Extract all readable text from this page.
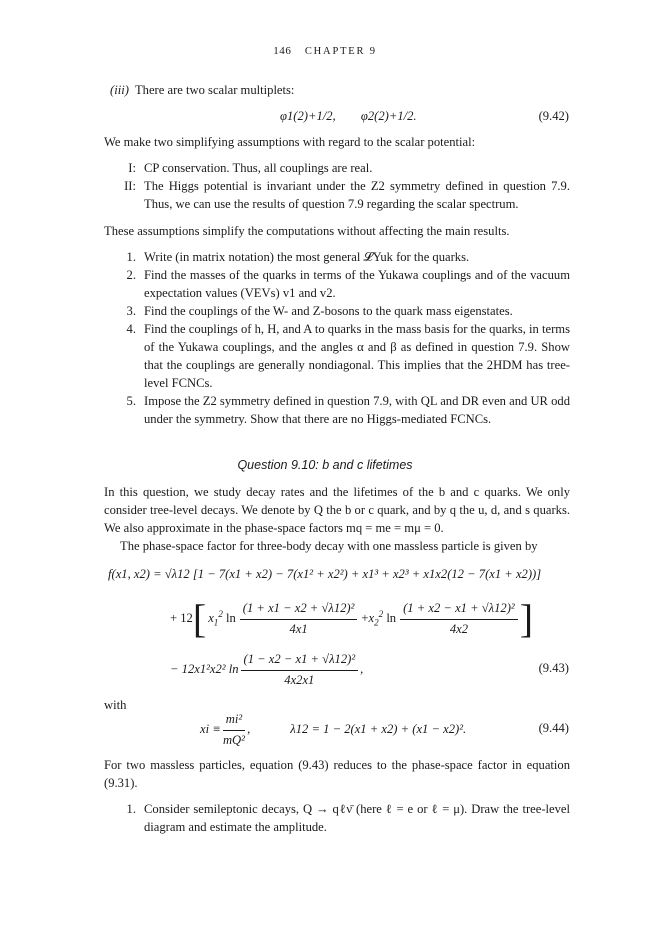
146 CHAPTER 9
(iii) There are two scalar multiplets:
φ1(2)+1/2,        φ2(2)+1/2.	(9.42)
We make two simplifying assumptions with regard to the scalar potential:
I: CP conservation. Thus, all couplings are real.
II: The Higgs potential is invariant under the Z2 symmetry defined in question 7.9. Thus, we can use the results of question 7.9 regarding the scalar spectrum.
These assumptions simplify the computations without affecting the main results.
1. Write (in matrix notation) the most general 𝓛Yuk for the quarks.
2. Find the masses of the quarks in terms of the Yukawa couplings and of the vacuum expectation values (VEVs) v1 and v2.
3. Find the couplings of the W- and Z-bosons to the quark mass eigenstates.
4. Find the couplings of h, H, and A to quarks in the mass basis for the quarks, in terms of the Yukawa couplings, and the angles α and β as defined in question 7.9. Show that the couplings are generally nondiagonal. This implies that the 2HDM has tree-level FCNCs.
5. Impose the Z2 symmetry defined in question 7.9, with QL and DR even and UR odd under the symmetry. Show that there are no Higgs-mediated FCNCs.
Question 9.10: b and c lifetimes
In this question, we study decay rates and the lifetimes of the b and c quarks. We only consider tree-level decays. We denote by Q the b or c quark, and by q the u, d, and s quarks. We also approximate in the phase-space factors mq = me = mμ = 0.
The phase-space factor for three-body decay with one massless particle is given by
f(x1, x2) = √λ12 [1 − 7(x1 + x2) − 7(x1² + x2²) + x1³ + x2³ + x1x2(12 − 7(x1 + x2))]
+ 12 [ $x_1^2$ $\ln \frac{\text{(1 + x1 − x2 + √λ12)²}}{4x1} +x_2^2$ $\ln \frac{\text{(1 + x2 − x1 + √λ12)²}}{4x2}$ ]
− 12x1²x2² $\ln \frac{\text{(1 − x2 − x1 + √λ12)²}}{4x2x1}$ ,	(9.43)
with
xi ≡ $\frac{\text{mi²}}{\text{mQ²}}$ ,	λ12 = 1 − 2(x1 + x2) + (x1 − x2)².	(9.44)
For two massless particles, equation (9.43) reduces to the phase-space factor in equation (9.31).
1. Consider semileptonic decays, Q → qℓν̄ (here ℓ = e or ℓ = μ). Draw the tree-level diagram and estimate the amplitude.
